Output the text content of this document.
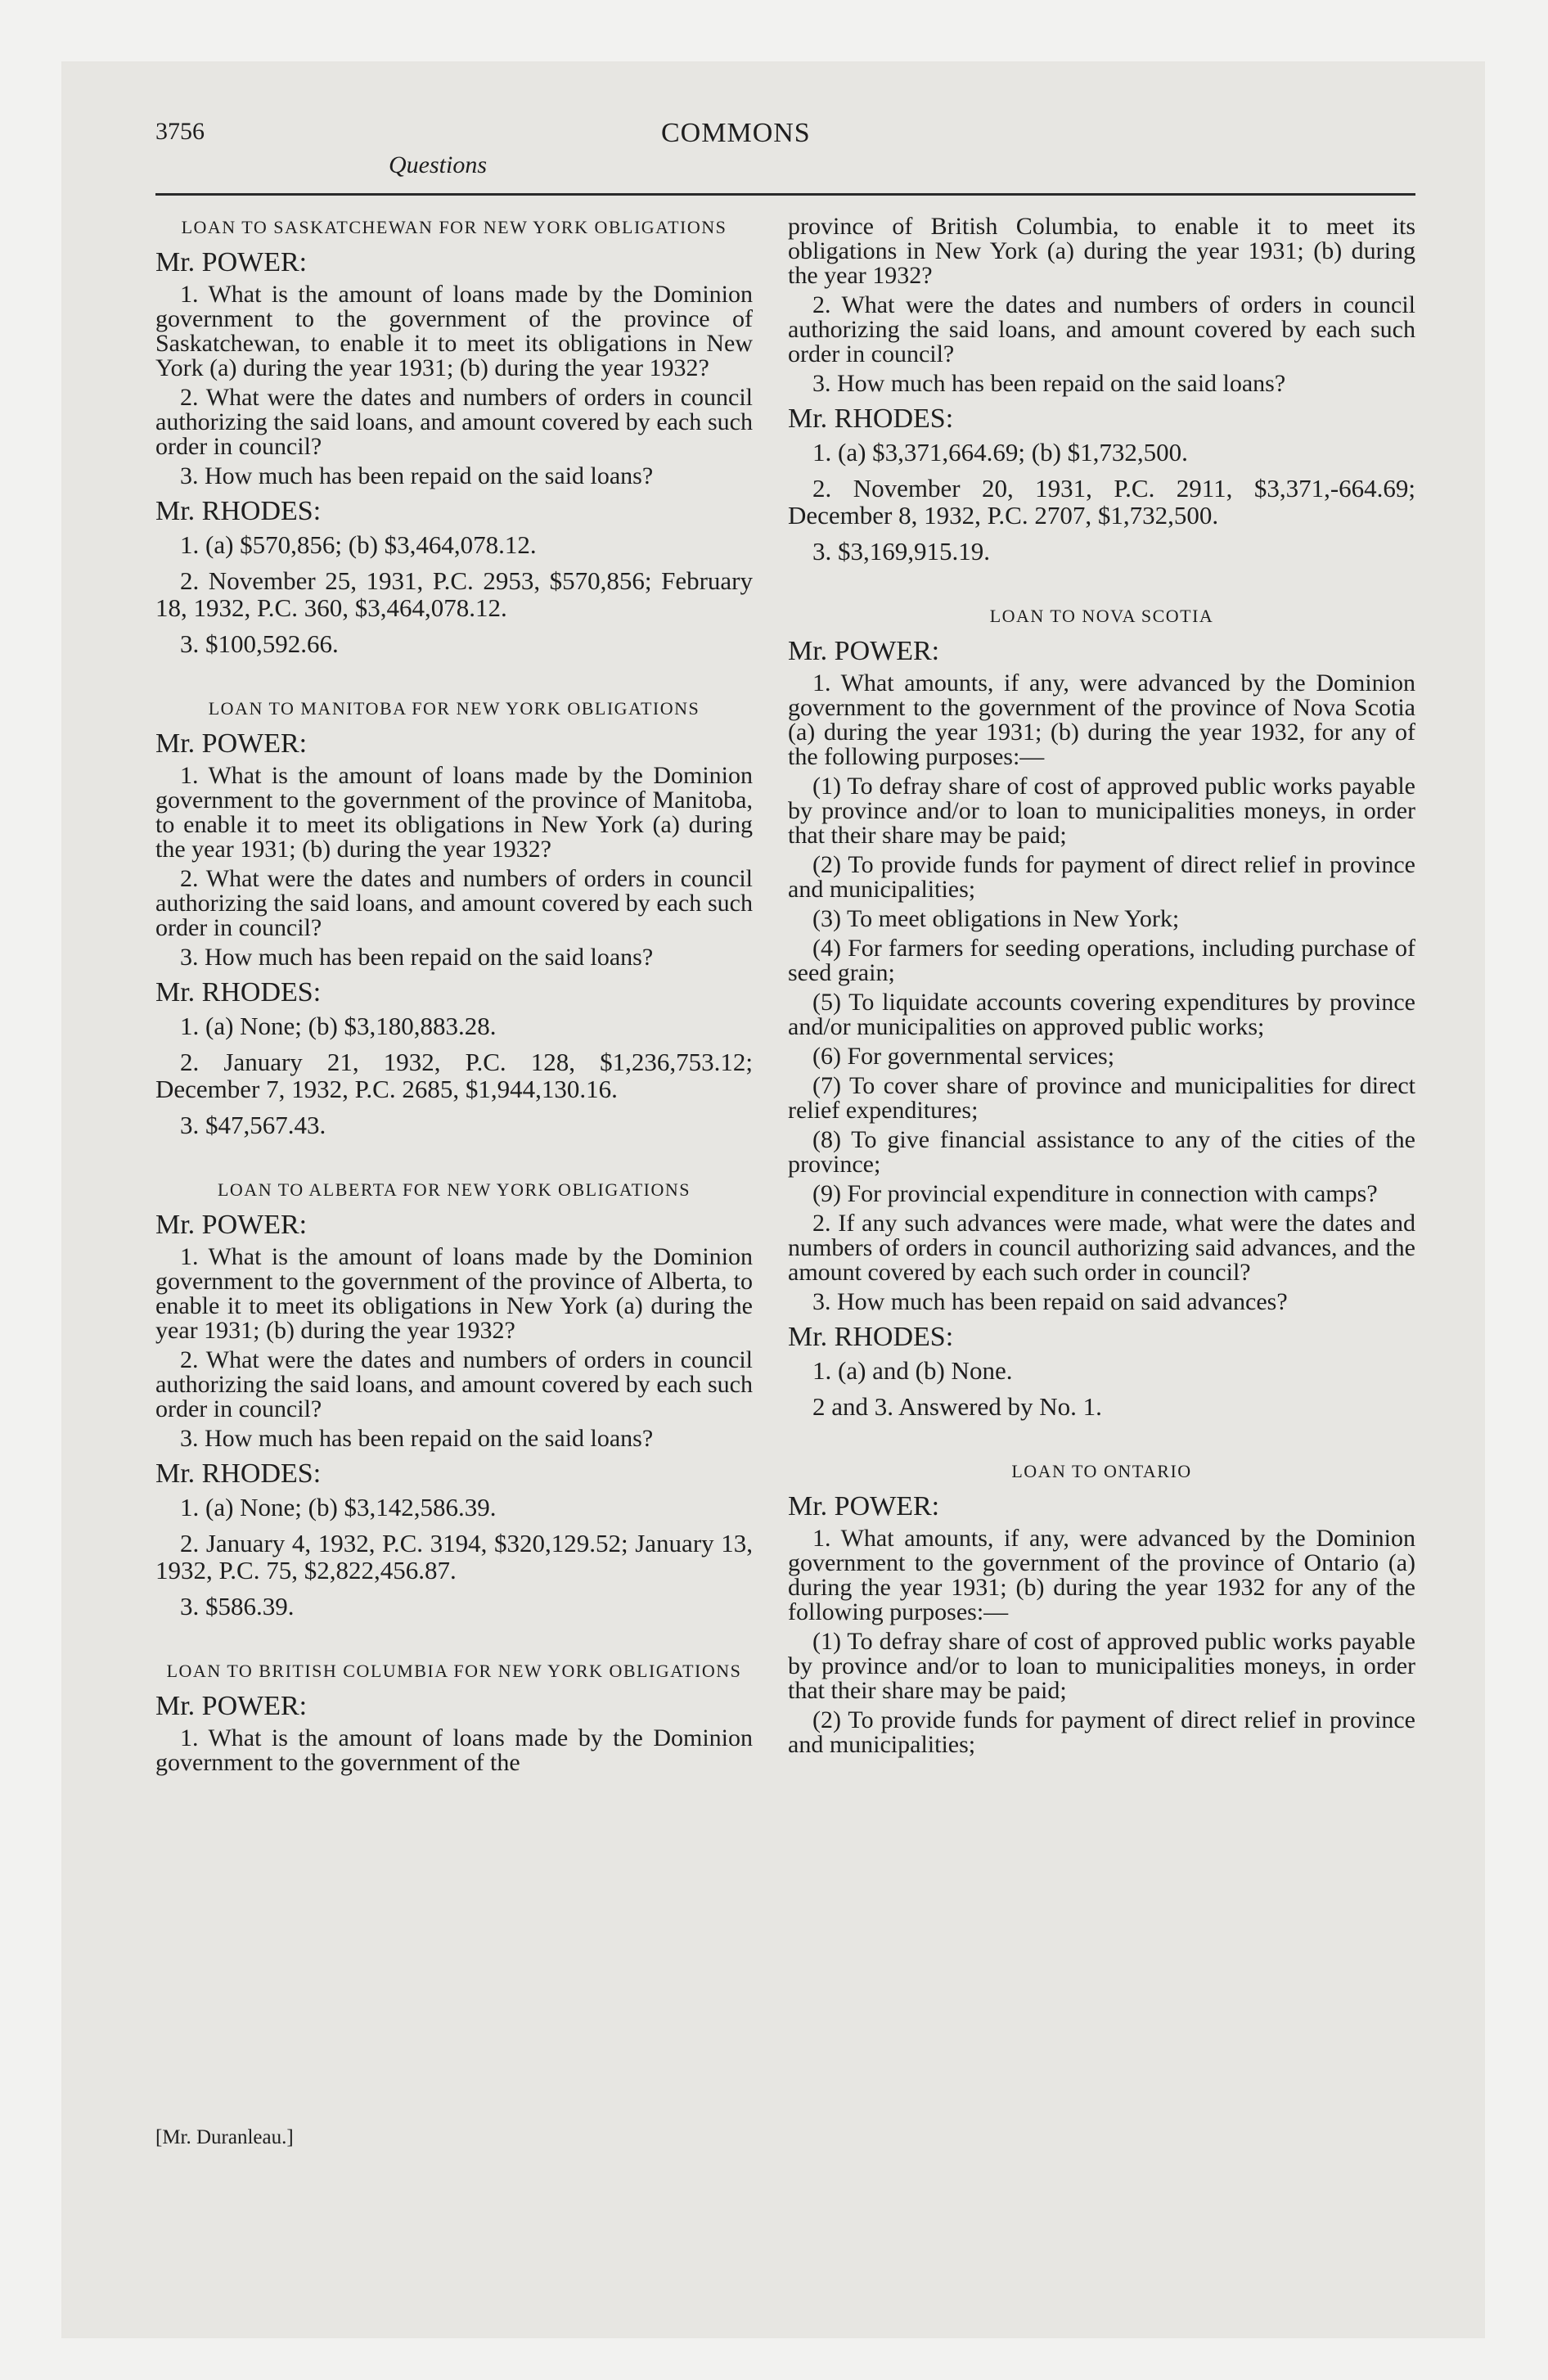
3756	COMMONS
Questions
LOAN TO SASKATCHEWAN FOR NEW YORK OBLIGATIONS
Mr. POWER:
1. What is the amount of loans made by the Dominion government to the government of the province of Saskatchewan, to enable it to meet its obligations in New York (a) during the year 1931; (b) during the year 1932?
2. What were the dates and numbers of orders in council authorizing the said loans, and amount covered by each such order in council?
3. How much has been repaid on the said loans?
Mr. RHODES:
1. (a) $570,856; (b) $3,464,078.12.
2. November 25, 1931, P.C. 2953, $570,856; February 18, 1932, P.C. 360, $3,464,078.12.
3. $100,592.66.
LOAN TO MANITOBA FOR NEW YORK OBLIGATIONS
Mr. POWER:
1. What is the amount of loans made by the Dominion government to the government of the province of Manitoba, to enable it to meet its obligations in New York (a) during the year 1931; (b) during the year 1932?
2. What were the dates and numbers of orders in council authorizing the said loans, and amount covered by each such order in council?
3. How much has been repaid on the said loans?
Mr. RHODES:
1. (a) None; (b) $3,180,883.28.
2. January 21, 1932, P.C. 128, $1,236,753.12; December 7, 1932, P.C. 2685, $1,944,130.16.
3. $47,567.43.
LOAN TO ALBERTA FOR NEW YORK OBLIGATIONS
Mr. POWER:
1. What is the amount of loans made by the Dominion government to the government of the province of Alberta, to enable it to meet its obligations in New York (a) during the year 1931; (b) during the year 1932?
2. What were the dates and numbers of orders in council authorizing the said loans, and amount covered by each such order in council?
3. How much has been repaid on the said loans?
Mr. RHODES:
1. (a) None; (b) $3,142,586.39.
2. January 4, 1932, P.C. 3194, $320,129.52; January 13, 1932, P.C. 75, $2,822,456.87.
3. $586.39.
LOAN TO BRITISH COLUMBIA FOR NEW YORK OBLIGATIONS
Mr. POWER:
1. What is the amount of loans made by the Dominion government to the government of the
province of British Columbia, to enable it to meet its obligations in New York (a) during the year 1931; (b) during the year 1932?
2. What were the dates and numbers of orders in council authorizing the said loans, and amount covered by each such order in council?
3. How much has been repaid on the said loans?
Mr. RHODES:
1. (a) $3,371,664.69; (b) $1,732,500.
2. November 20, 1931, P.C. 2911, $3,371,-664.69; December 8, 1932, P.C. 2707, $1,732,500.
3. $3,169,915.19.
LOAN TO NOVA SCOTIA
Mr. POWER:
1. What amounts, if any, were advanced by the Dominion government to the government of the province of Nova Scotia (a) during the year 1931; (b) during the year 1932, for any of the following purposes:—
(1) To defray share of cost of approved public works payable by province and/or to loan to municipalities moneys, in order that their share may be paid;
(2) To provide funds for payment of direct relief in province and municipalities;
(3) To meet obligations in New York;
(4) For farmers for seeding operations, including purchase of seed grain;
(5) To liquidate accounts covering expenditures by province and/or municipalities on approved public works;
(6) For governmental services;
(7) To cover share of province and municipalities for direct relief expenditures;
(8) To give financial assistance to any of the cities of the province;
(9) For provincial expenditure in connection with camps?
2. If any such advances were made, what were the dates and numbers of orders in council authorizing said advances, and the amount covered by each such order in council?
3. How much has been repaid on said advances?
Mr. RHODES:
1. (a) and (b) None.
2 and 3. Answered by No. 1.
LOAN TO ONTARIO
Mr. POWER:
1. What amounts, if any, were advanced by the Dominion government to the government of the province of Ontario (a) during the year 1931; (b) during the year 1932 for any of the following purposes:—
(1) To defray share of cost of approved public works payable by province and/or to loan to municipalities moneys, in order that their share may be paid;
(2) To provide funds for payment of direct relief in province and municipalities;
[Mr. Duranleau.]
